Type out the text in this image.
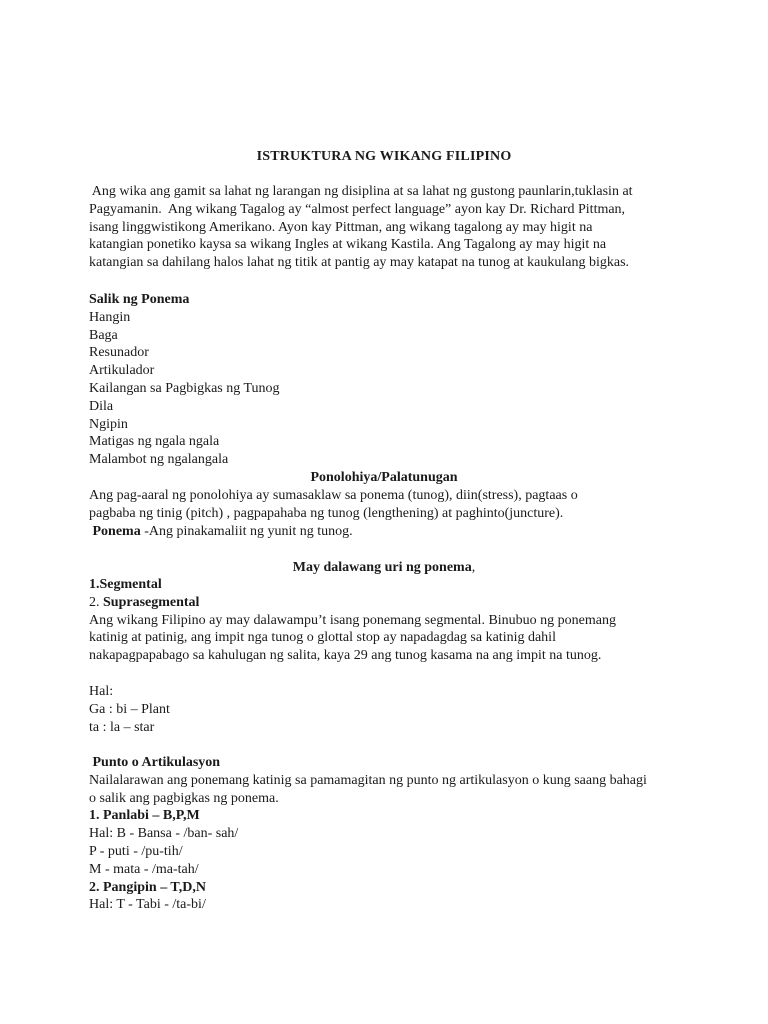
ISTRUKTURA NG WIKANG FILIPINO
Ang wika ang gamit sa lahat ng larangan ng disiplina at sa lahat ng gustong paunlarin,tuklasin at
Pagyamanin.  Ang wikang Tagalog ay “almost perfect language” ayon kay Dr. Richard Pittman,
isang linggwistikong Amerikano. Ayon kay Pittman, ang wikang tagalong ay may higit na
katangian ponetiko kaysa sa wikang Ingles at wikang Kastila. Ang Tagalong ay may higit na
katangian sa dahilang halos lahat ng titik at pantig ay may katapat na tunog at kaukulang bigkas.
Salik ng Ponema
Hangin
Baga
Resunador
Artikulador
Kailangan sa Pagbigkas ng Tunog
Dila
Ngipin
Matigas ng ngala ngala
Malambot ng ngalangala
Ponolohiya/Palatunugan
Ang pag-aaral ng ponolohiya ay sumasaklaw sa ponema (tunog), diin(stress), pagtaas o
pagbaba ng tinig (pitch) , pagpapahaba ng tunog (lengthening) at paghinto(juncture).
Ponema -Ang pinakamaliit ng yunit ng tunog.
May dalawang uri ng ponema,
1.Segmental
2. Suprasegmental
Ang wikang Filipino ay may dalawampu’t isang ponemang segmental. Binubuo ng ponemang
katinig at patinig, ang impit nga tunog o glottal stop ay napadagdag sa katinig dahil
nakapagpapabago sa kahulugan ng salita, kaya 29 ang tunog kasama na ang impit na tunog.
Hal:
Ga : bi – Plant
ta : la – star
Punto o Artikulasyon
Nailalarawan ang ponemang katinig sa pamamagitan ng punto ng artikulasyon o kung saang bahagi
o salik ang pagbigkas ng ponema.
1. Panlabi – B,P,M
Hal: B - Bansa - /ban- sah/
P - puti - /pu-tih/
M - mata - /ma-tah/
2. Pangipin – T,D,N
Hal: T - Tabi - /ta-bi/
